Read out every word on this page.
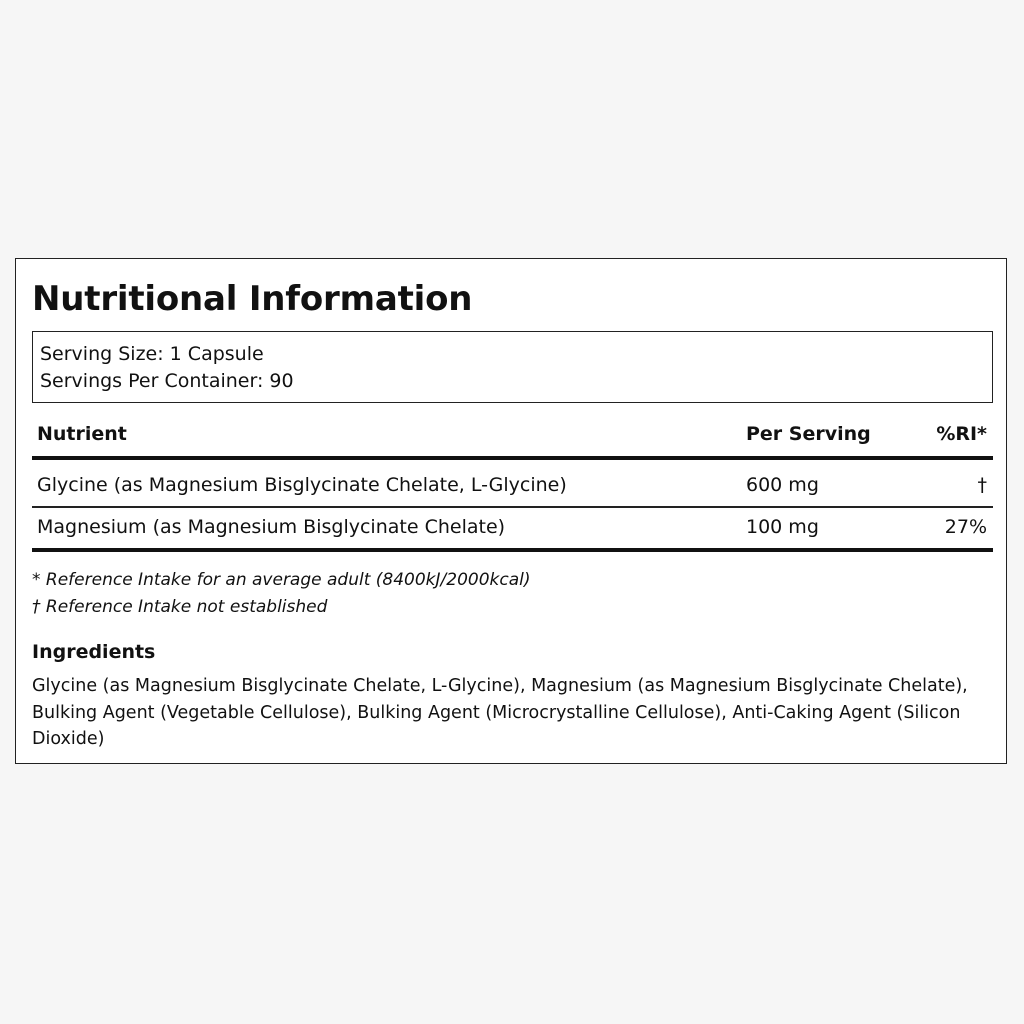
Nutritional Information
Serving Size: 1 Capsule
Servings Per Container: 90
Nutrient	Per Serving	%RI*
Glycine (as Magnesium Bisglycinate Chelate, L-Glycine)	600 mg	†
Magnesium (as Magnesium Bisglycinate Chelate)	100 mg	27%
* Reference Intake for an average adult (8400kJ/2000kcal)
† Reference Intake not established
Ingredients
Glycine (as Magnesium Bisglycinate Chelate, L-Glycine), Magnesium (as Magnesium Bisglycinate Chelate), Bulking Agent (Vegetable Cellulose), Bulking Agent (Microcrystalline Cellulose), Anti-Caking Agent (Silicon Dioxide)
